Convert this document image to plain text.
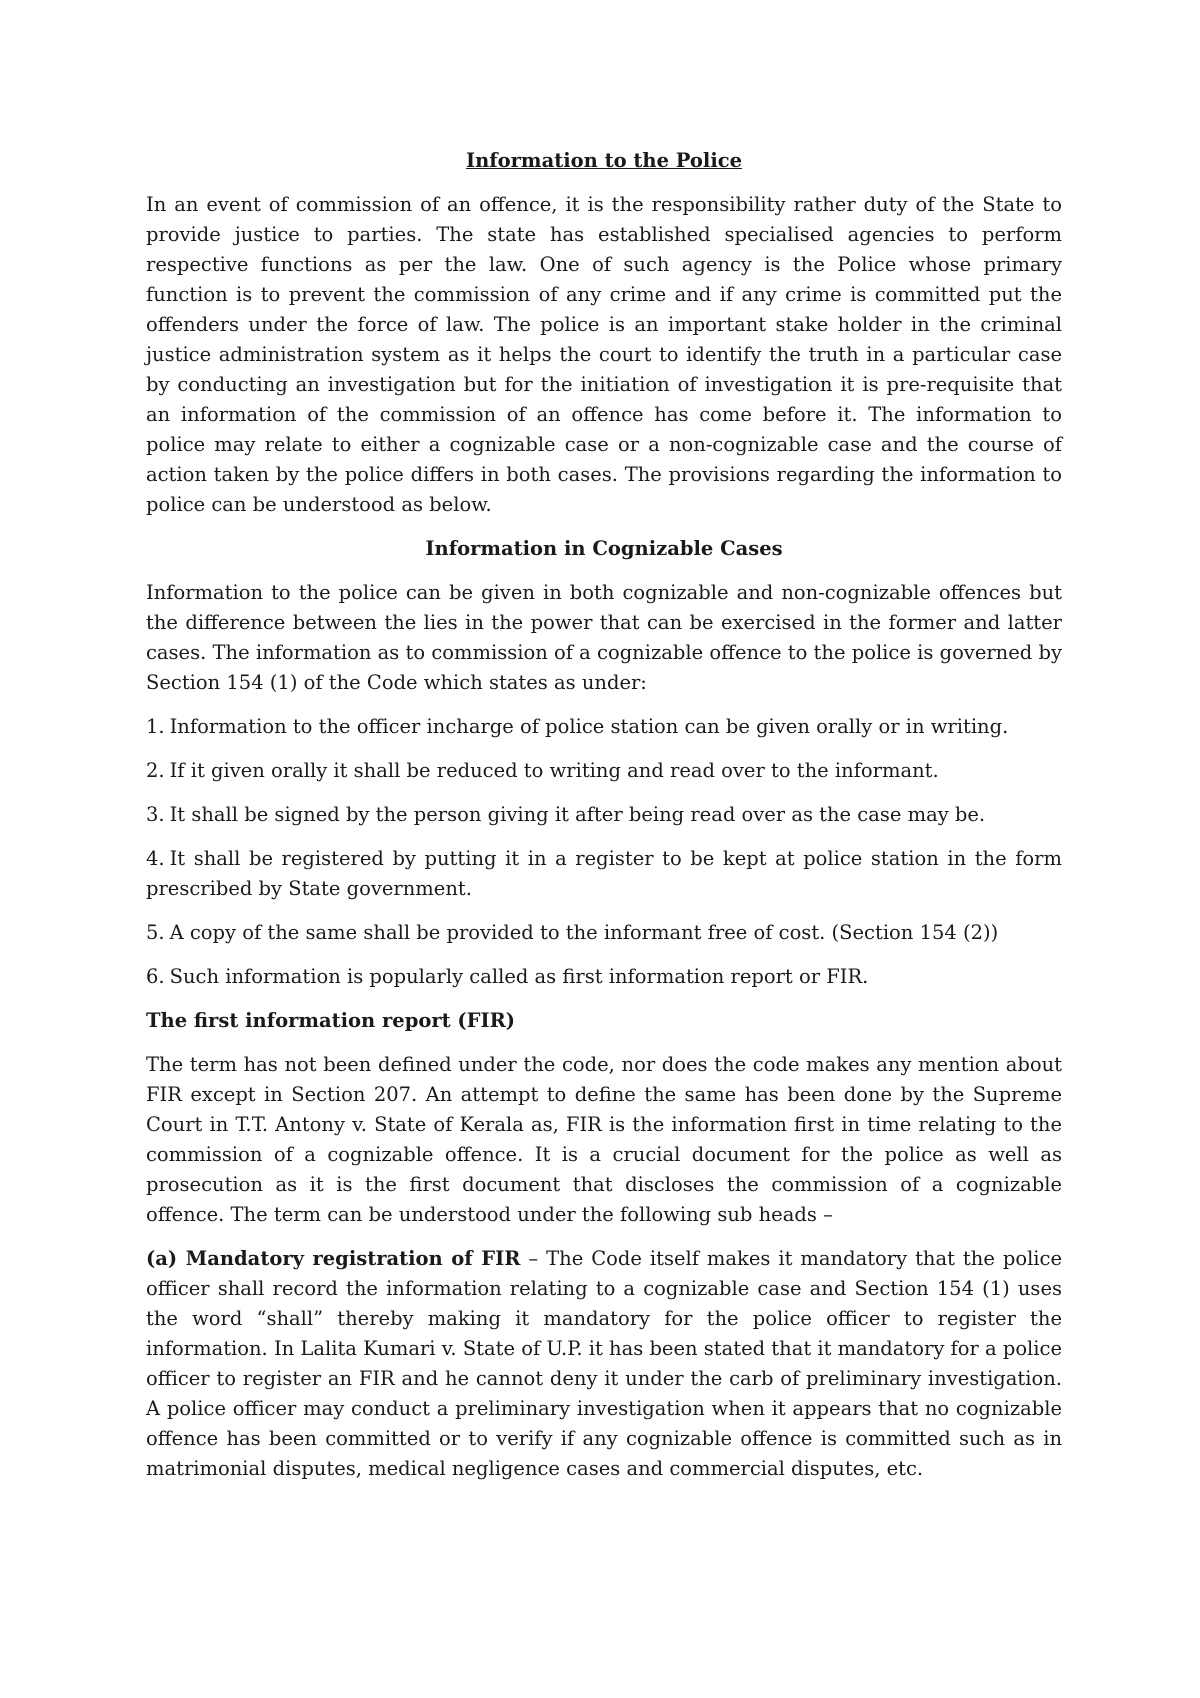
Information to the Police

In an event of commission of an offence, it is the responsibility rather duty of the State to provide justice to parties. The state has established specialised agencies to perform respective functions as per the law. One of such agency is the Police whose primary function is to prevent the commission of any crime and if any crime is committed put the offenders under the force of law. The police is an important stake holder in the criminal justice administration system as it helps the court to identify the truth in a particular case by conducting an investigation but for the initiation of investigation it is pre-requisite that an information of the commission of an offence has come before it. The information to police may relate to either a cognizable case or a non-cognizable case and the course of action taken by the police differs in both cases. The provisions regarding the information to police can be understood as below.

Information in Cognizable Cases

Information to the police can be given in both cognizable and non-cognizable offences but the difference between the lies in the power that can be exercised in the former and latter cases. The information as to commission of a cognizable offence to the police is governed by Section 154 (1) of the Code which states as under:

1. Information to the officer incharge of police station can be given orally or in writing.

2. If it given orally it shall be reduced to writing and read over to the informant.

3. It shall be signed by the person giving it after being read over as the case may be.

4. It shall be registered by putting it in a register to be kept at police station in the form prescribed by State government.

5. A copy of the same shall be provided to the informant free of cost. (Section 154 (2))

6. Such information is popularly called as first information report or FIR.

The first information report (FIR)

The term has not been defined under the code, nor does the code makes any mention about FIR except in Section 207. An attempt to define the same has been done by the Supreme Court in T.T. Antony v. State of Kerala as, FIR is the information first in time relating to the commission of a cognizable offence. It is a crucial document for the police as well as prosecution as it is the first document that discloses the commission of a cognizable offence. The term can be understood under the following sub heads –

(a) Mandatory registration of FIR – The Code itself makes it mandatory that the police officer shall record the information relating to a cognizable case and Section 154 (1) uses the word “shall” thereby making it mandatory for the police officer to register the information. In Lalita Kumari v. State of U.P. it has been stated that it mandatory for a police officer to register an FIR and he cannot deny it under the carb of preliminary investigation. A police officer may conduct a preliminary investigation when it appears that no cognizable offence has been committed or to verify if any cognizable offence is committed such as in matrimonial disputes, medical negligence cases and commercial disputes, etc.
